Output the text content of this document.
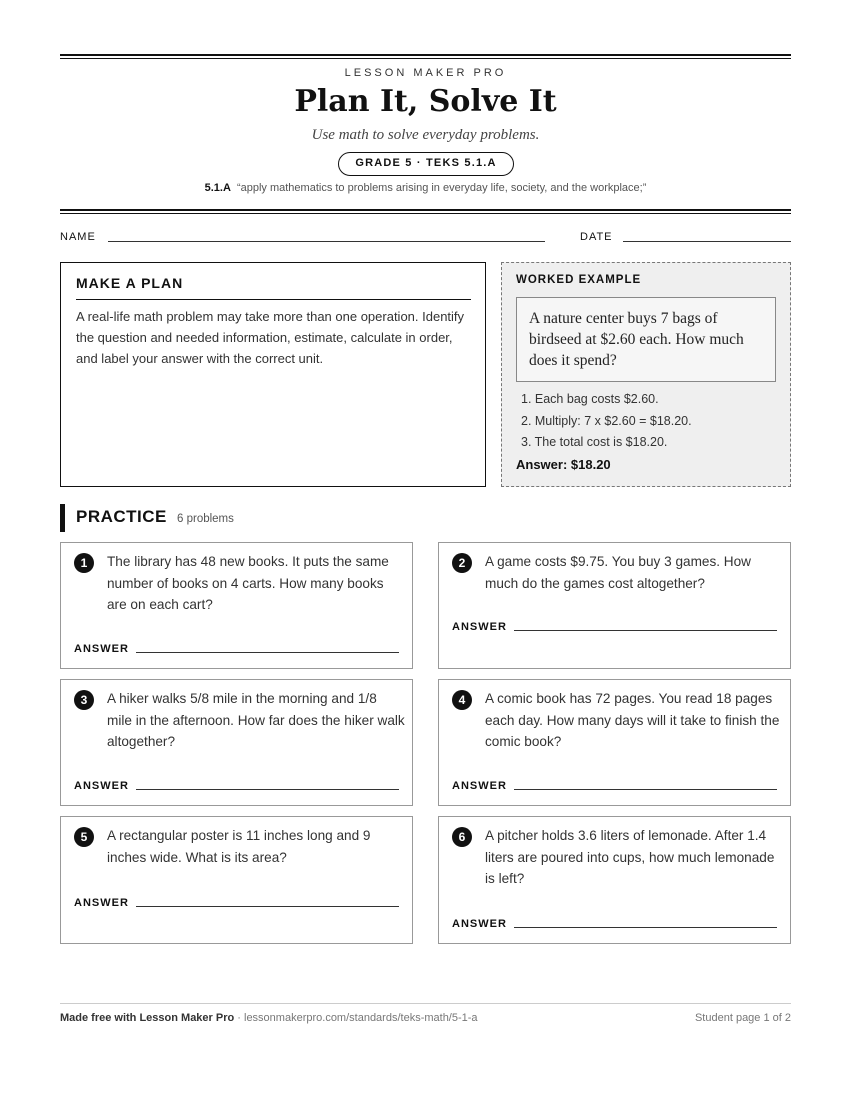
LESSON MAKER PRO
Plan It, Solve It
Use math to solve everyday problems.
GRADE 5 · TEKS 5.1.A
5.1.A “apply mathematics to problems arising in everyday life, society, and the workplace;”
NAME	DATE
MAKE A PLAN
A real-life math problem may take more than one operation. Identify the question and needed information, estimate, calculate in order, and label your answer with the correct unit.
WORKED EXAMPLE
A nature center buys 7 bags of birdseed at $2.60 each. How much does it spend?
1. Each bag costs $2.60.
2. Multiply: 7 x $2.60 = $18.20.
3. The total cost is $18.20.
Answer: $18.20
PRACTICE 6 problems
1	The library has 48 new books. It puts the same number of books on 4 carts. How many books are on each cart?
ANSWER
2	A game costs $9.75. You buy 3 games. How much do the games cost altogether?
ANSWER
3	A hiker walks 5/8 mile in the morning and 1/8 mile in the afternoon. How far does the hiker walk altogether?
ANSWER
4	A comic book has 72 pages. You read 18 pages each day. How many days will it take to finish the comic book?
ANSWER
5	A rectangular poster is 11 inches long and 9 inches wide. What is its area?
ANSWER
6	A pitcher holds 3.6 liters of lemonade. After 1.4 liters are poured into cups, how much lemonade is left?
ANSWER
Made free with Lesson Maker Pro · lessonmakerpro.com/standards/teks-math/5-1-a	Student page 1 of 2
